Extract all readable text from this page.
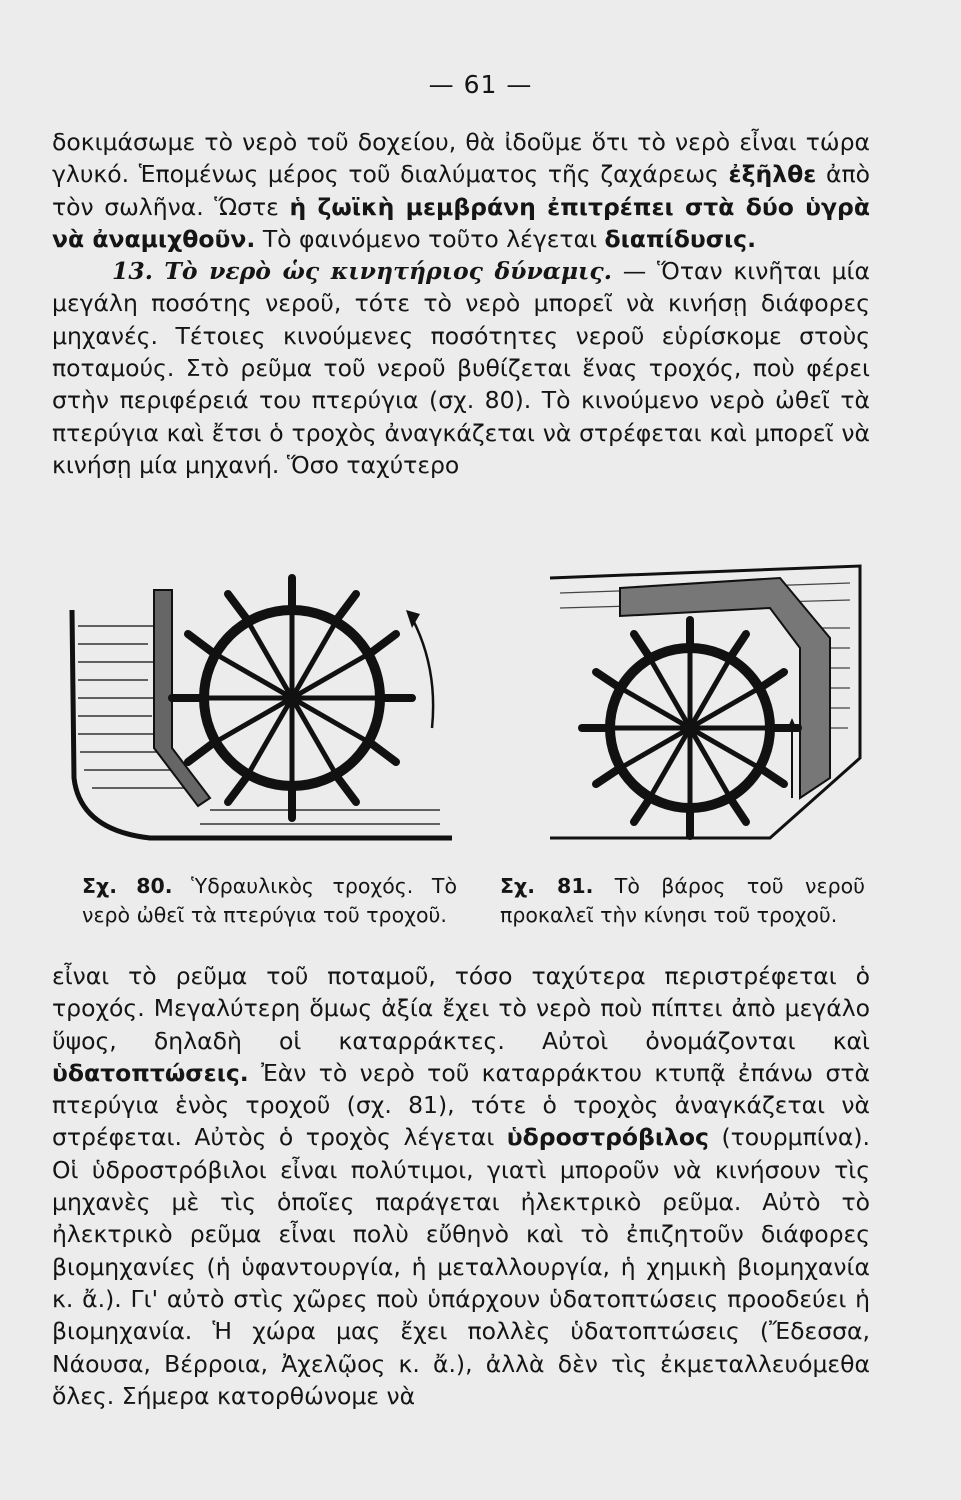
— 61 —

δοκιμάσωμε τὸ νερὸ τοῦ δοχείου, θὰ ἰδοῦμε ὅτι τὸ νερὸ εἶναι τώρα γλυκό. Ἑπομένως μέρος τοῦ διαλύματος τῆς ζαχάρεως ἐξῆλθε ἀπὸ τὸν σωλῆνα. Ὥστε ἡ ζωϊκὴ μεμβράνη ἐπιτρέπει στὰ δύο ὑγρὰ νὰ ἀναμιχθοῦν. Τὸ φαινόμενο τοῦτο λέγεται διαπίδυσις.
13. Τὸ νερὸ ὡς κινητήριος δύναμις. — Ὅταν κινῆται μία μεγάλη ποσότης νεροῦ, τότε τὸ νερὸ μπορεῖ νὰ κινήσῃ διάφορες μηχανές. Τέτοιες κινούμενες ποσότητες νεροῦ εὑρίσκομε στοὺς ποταμούς. Στὸ ρεῦμα τοῦ νεροῦ βυθίζεται ἕνας τροχός, ποὺ φέρει στὴν περιφέρειά του πτερύγια (σχ. 80). Τὸ κινούμενο νερὸ ὠθεῖ τὰ πτερύγια καὶ ἔτσι ὁ τροχὸς ἀναγκάζεται νὰ στρέφεται καὶ μπορεῖ νὰ κινήσῃ μία μηχανή. Ὅσο ταχύτερο

Σχ. 80. Ὑδραυλικὸς τροχός. Τὸ νερὸ ὠθεῖ τὰ πτερύγια τοῦ τροχοῦ.

Σχ. 81. Τὸ βάρος τοῦ νεροῦ προκαλεῖ τὴν κίνησι τοῦ τροχοῦ.

εἶναι τὸ ρεῦμα τοῦ ποταμοῦ, τόσο ταχύτερα περιστρέφεται ὁ τροχός. Μεγαλύτερη ὅμως ἀξία ἔχει τὸ νερὸ ποὺ πίπτει ἀπὸ μεγάλο ὕψος, δηλαδὴ οἱ καταρράκτες. Αὐτοὶ ὀνομάζονται καὶ ὑδατοπτώσεις. Ἐὰν τὸ νερὸ τοῦ καταρράκτου κτυπᾷ ἐπάνω στὰ πτερύγια ἑνὸς τροχοῦ (σχ. 81), τότε ὁ τροχὸς ἀναγκάζεται νὰ στρέφεται. Αὐτὸς ὁ τροχὸς λέγεται ὑδροστρόβιλος (τουρμπίνα). Οἱ ὑδροστρόβιλοι εἶναι πολύτιμοι, γιατὶ μποροῦν νὰ κινήσουν τὶς μηχανὲς μὲ τὶς ὁποῖες παράγεται ἠλεκτρικὸ ρεῦμα. Αὐτὸ τὸ ἠλεκτρικὸ ρεῦμα εἶναι πολὺ εὔθηνὸ καὶ τὸ ἐπιζητοῦν διάφορες βιομηχανίες (ἡ ὑφαντουργία, ἡ μεταλλουργία, ἡ χημικὴ βιομηχανία κ. ἄ.). Γι' αὐτὸ στὶς χῶρες ποὺ ὑπάρχουν ὑδατοπτώσεις προοδεύει ἡ βιομηχανία. Ἡ χώρα μας ἔχει πολλὲς ὑδατοπτώσεις (Ἔδεσσα, Νάουσα, Βέρροια, Ἀχελῷος κ. ἄ.), ἀλλὰ δὲν τὶς ἐκμεταλλευόμεθα ὅλες. Σήμερα κατορθώνομε νὰ
